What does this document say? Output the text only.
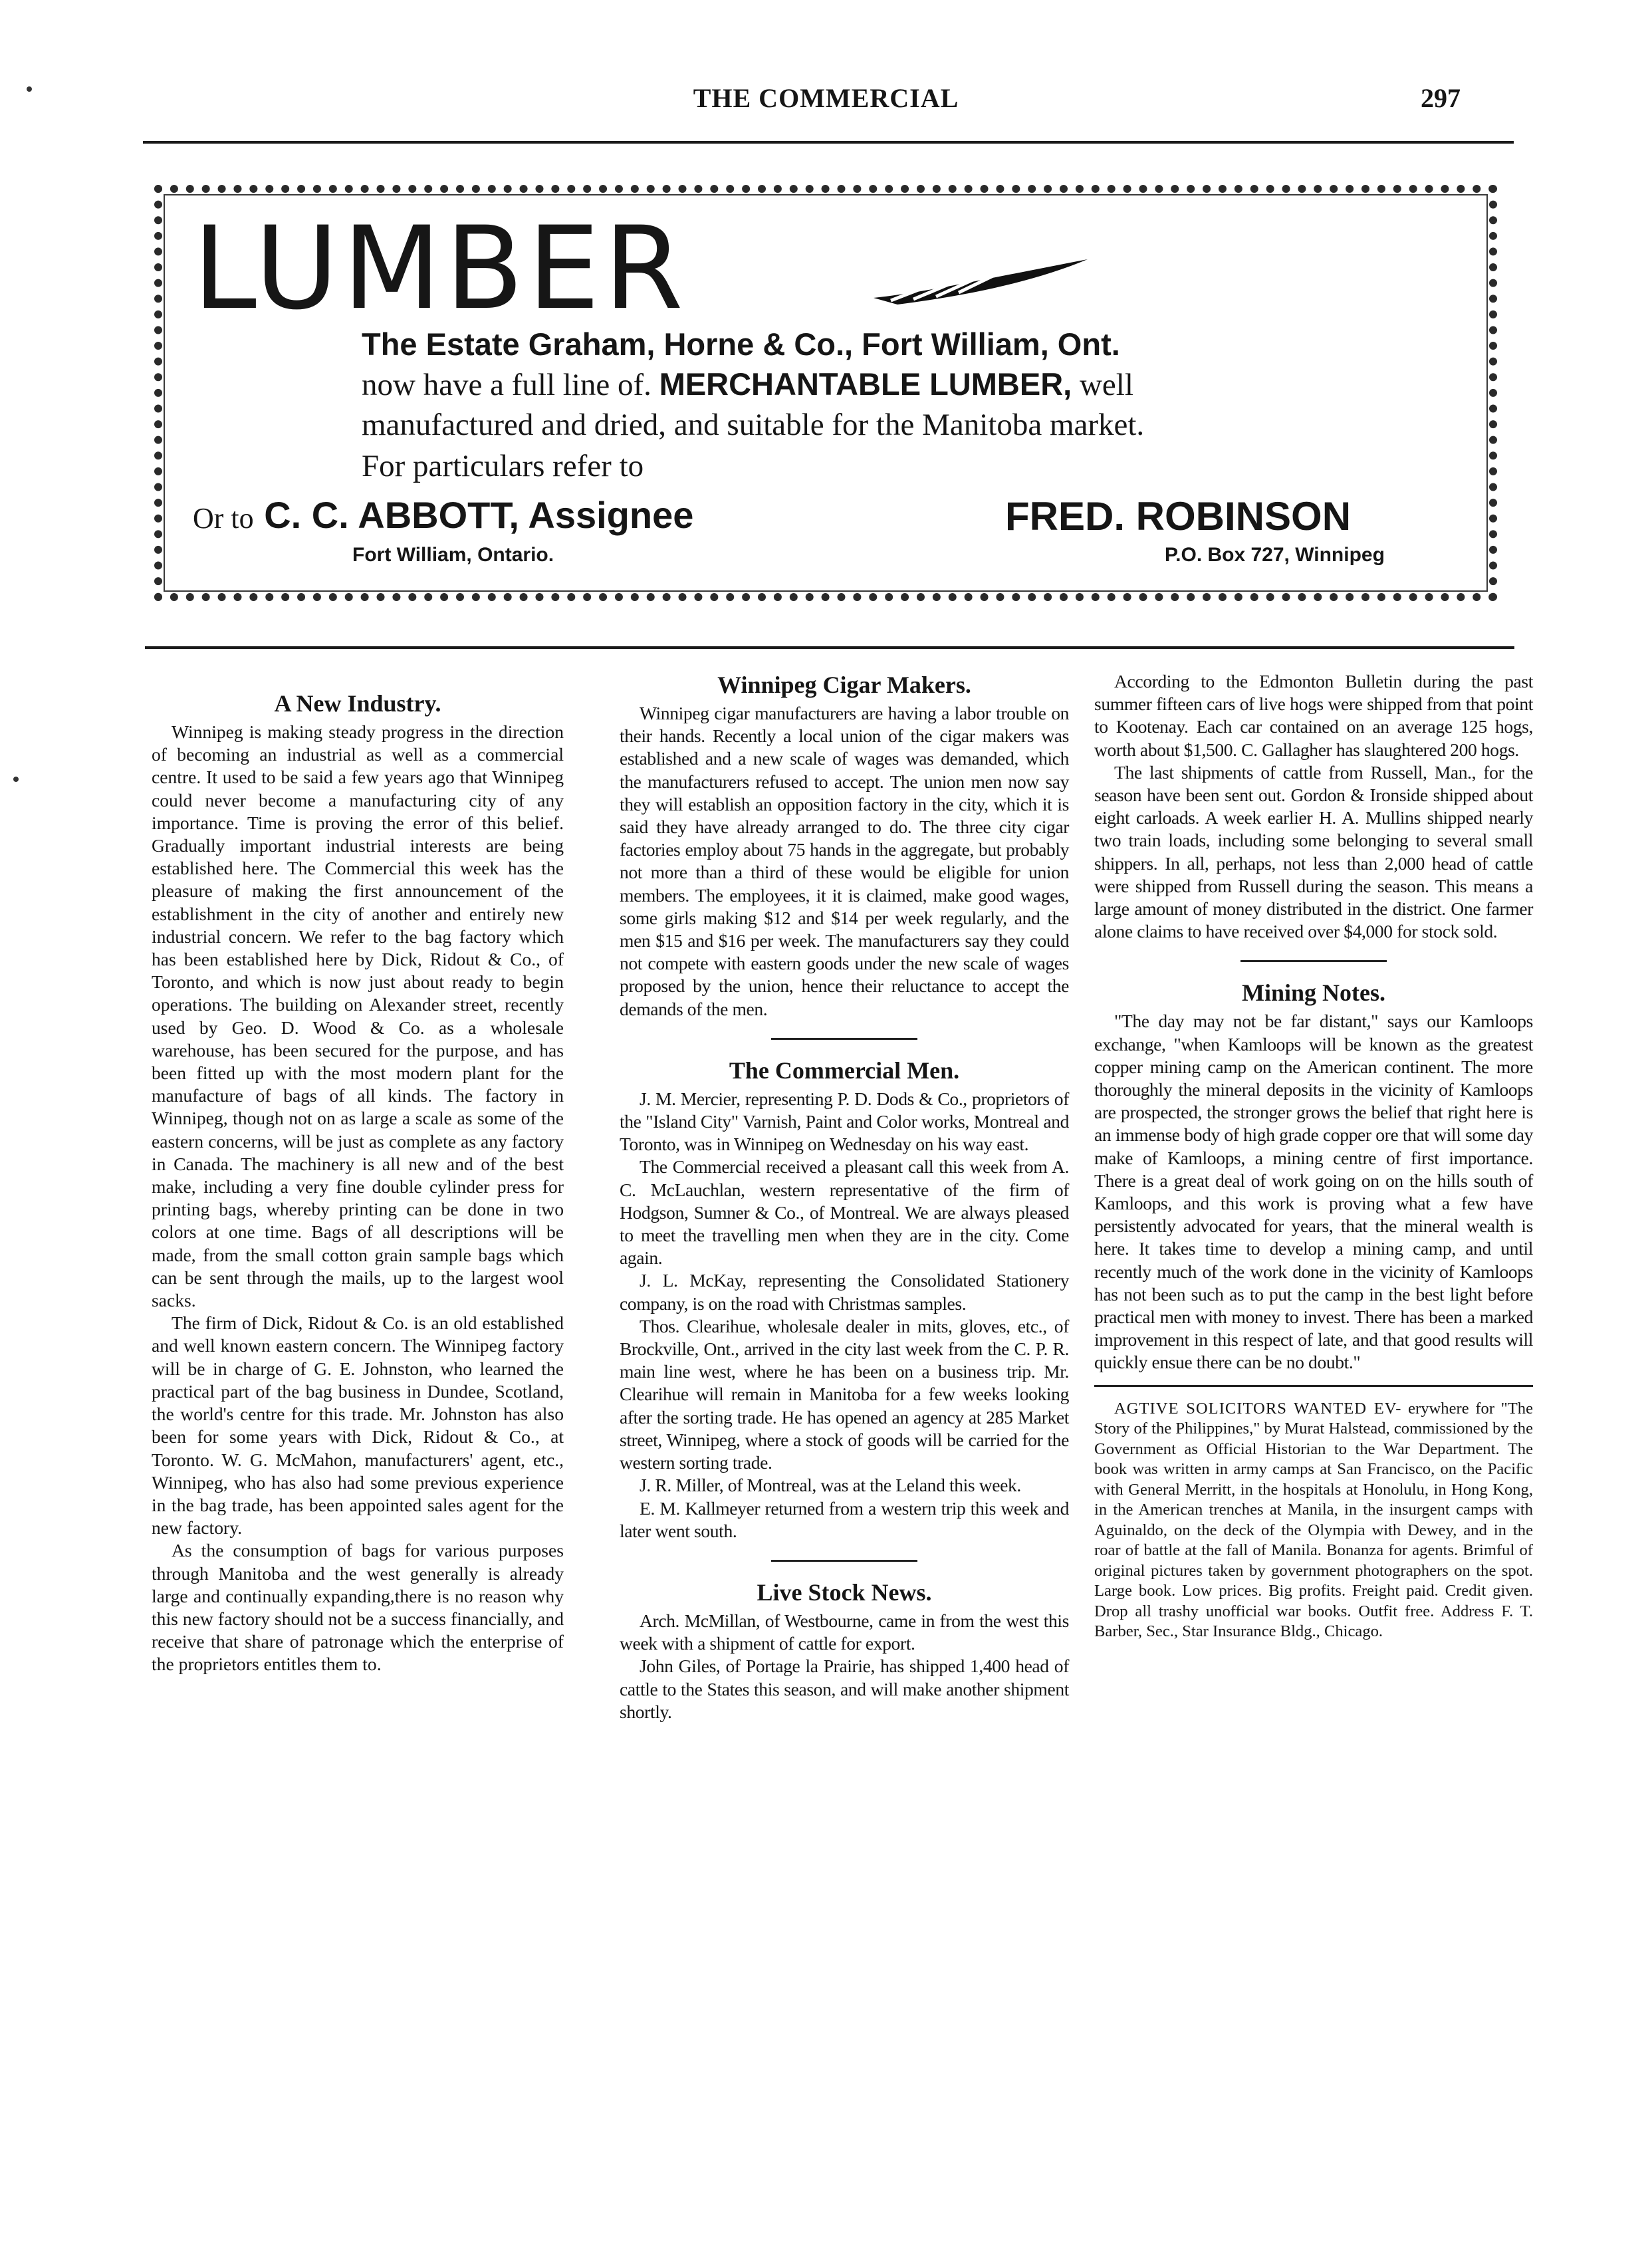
THE COMMERCIAL	297
LUMBER
The Estate Graham, Horne & Co., Fort William, Ont.
now have a full line of. MERCHANTABLE LUMBER, well
manufactured and dried, and suitable for the Manitoba market.
For particulars refer to
Or to C. C. ABBOTT, Assignee
Fort William, Ontario.
FRED. ROBINSON
P.O. Box 727, Winnipeg
A New Industry.

Winnipeg is making steady progress in the direction of becoming an industrial as well as a commercial centre. It used to be said a few years ago that Winnipeg could never become a manufacturing city of any importance. Time is proving the error of this belief. Gradually important industrial interests are being established here. The Commercial this week has the pleasure of making the first announcement of the establishment in the city of another and entirely new industrial concern. We refer to the bag factory which has been established here by Dick, Ridout & Co., of Toronto, and which is now just about ready to begin operations. The building on Alexander street, recently used by Geo. D. Wood & Co. as a wholesale warehouse, has been secured for the purpose, and has been fitted up with the most modern plant for the manufacture of bags of all kinds. The factory in Winnipeg, though not on as large a scale as some of the eastern concerns, will be just as complete as any factory in Canada. The machinery is all new and of the best make, including a very fine double cylinder press for printing bags, whereby printing can be done in two colors at one time. Bags of all descriptions will be made, from the small cotton grain sample bags which can be sent through the mails, up to the largest wool sacks.

The firm of Dick, Ridout & Co. is an old established and well known eastern concern. The Winnipeg factory will be in charge of G. E. Johnston, who learned the practical part of the bag business in Dundee, Scotland, the world's centre for this trade. Mr. Johnston has also been for some years with Dick, Ridout & Co., at Toronto. W. G. McMahon, manufacturers' agent, etc., Winnipeg, who has also had some previous experience in the bag trade, has been appointed sales agent for the new factory.

As the consumption of bags for various purposes through Manitoba and the west generally is already large and continually expanding,there is no reason why this new factory should not be a success financially, and receive that share of patronage which the enterprise of the proprietors entitles them to.

Winnipeg Cigar Makers.

Winnipeg cigar manufacturers are having a labor trouble on their hands. Recently a local union of the cigar makers was established and a new scale of wages was demanded, which the manufacturers refused to accept. The union men now say they will establish an opposition factory in the city, which it is said they have already arranged to do. The three city cigar factories employ about 75 hands in the aggregate, but probably not more than a third of these would be eligible for union members. The employees, it it is claimed, make good wages, some girls making $12 and $14 per week regularly, and the men $15 and $16 per week. The manufacturers say they could not compete with eastern goods under the new scale of wages proposed by the union, hence their reluctance to accept the demands of the men.

The Commercial Men.

J. M. Mercier, representing P. D. Dods & Co., proprietors of the "Island City" Varnish, Paint and Color works, Montreal and Toronto, was in Winnipeg on Wednesday on his way east.

The Commercial received a pleasant call this week from A. C. McLauchlan, western representative of the firm of Hodgson, Sumner & Co., of Montreal. We are always pleased to meet the travelling men when they are in the city. Come again.

J. L. McKay, representing the Consolidated Stationery company, is on the road with Christmas samples.

Thos. Clearihue, wholesale dealer in mits, gloves, etc., of Brockville, Ont., arrived in the city last week from the C. P. R. main line west, where he has been on a business trip. Mr. Clearihue will remain in Manitoba for a few weeks looking after the sorting trade. He has opened an agency at 285 Market street, Winnipeg, where a stock of goods will be carried for the western sorting trade.

J. R. Miller, of Montreal, was at the Leland this week.

E. M. Kallmeyer returned from a western trip this week and later went south.

Live Stock News.

Arch. McMillan, of Westbourne, came in from the west this week with a shipment of cattle for export.

John Giles, of Portage la Prairie, has shipped 1,400 head of cattle to the States this season, and will make another shipment shortly.

According to the Edmonton Bulletin during the past summer fifteen cars of live hogs were shipped from that point to Kootenay. Each car contained on an average 125 hogs, worth about $1,500. C. Gallagher has slaughtered 200 hogs.

The last shipments of cattle from Russell, Man., for the season have been sent out. Gordon & Ironside shipped about eight carloads. A week earlier H. A. Mullins shipped nearly two train loads, including some belonging to several small shippers. In all, perhaps, not less than 2,000 head of cattle were shipped from Russell during the season. This means a large amount of money distributed in the district. One farmer alone claims to have received over $4,000 for stock sold.

Mining Notes.

"The day may not be far distant," says our Kamloops exchange, "when Kamloops will be known as the greatest copper mining camp on the American continent. The more thoroughly the mineral deposits in the vicinity of Kamloops are prospected, the stronger grows the belief that right here is an immense body of high grade copper ore that will some day make of Kamloops, a mining centre of first importance. There is a great deal of work going on on the hills south of Kamloops, and this work is proving what a few have persistently advocated for years, that the mineral wealth is here. It takes time to develop a mining camp, and until recently much of the work done in the vicinity of Kamloops has not been such as to put the camp in the best light before practical men with money to invest. There has been a marked improvement in this respect of late, and that good results will quickly ensue there can be no doubt."

AGTIVE SOLICITORS WANTED EV- erywhere for "The Story of the Philippines," by Murat Halstead, commissioned by the Government as Official Historian to the War Department. The book was written in army camps at San Francisco, on the Pacific with General Merritt, in the hospitals at Honolulu, in Hong Kong, in the American trenches at Manila, in the insurgent camps with Aguinaldo, on the deck of the Olympia with Dewey, and in the roar of battle at the fall of Manila. Bonanza for agents. Brimful of original pictures taken by government photographers on the spot. Large book. Low prices. Big profits. Freight paid. Credit given. Drop all trashy unofficial war books. Outfit free. Address F. T. Barber, Sec., Star Insurance Bldg., Chicago.
